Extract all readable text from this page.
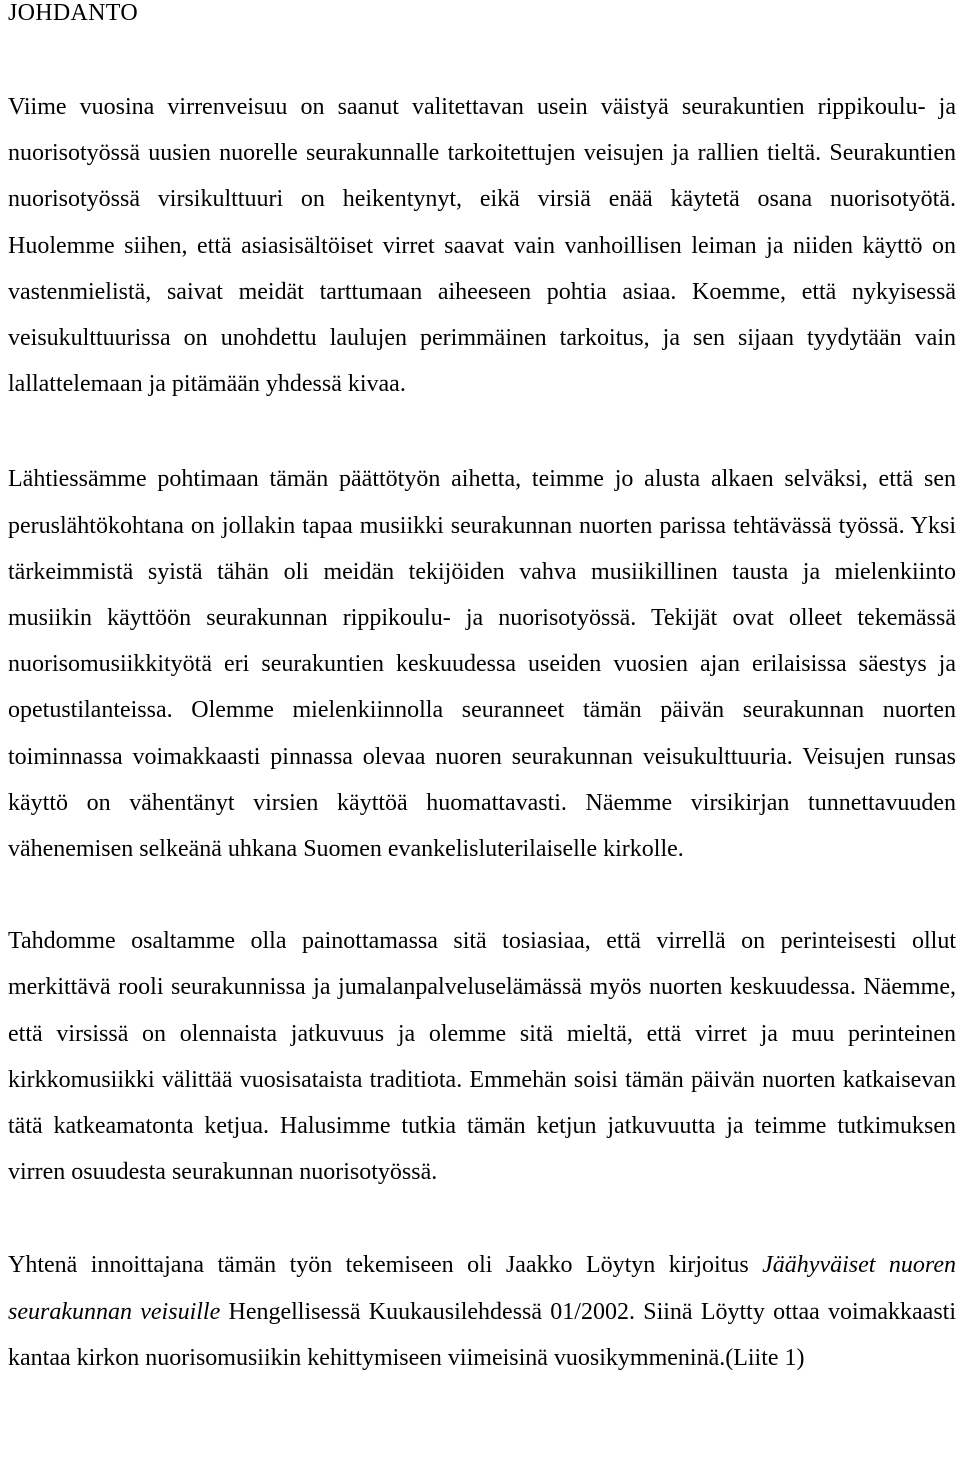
JOHDANTO

Viime vuosina virrenveisuu on saanut valitettavan usein väistyä seurakuntien rippikoulu- ja nuorisotyössä uusien nuorelle seurakunnalle tarkoitettujen veisujen ja rallien tieltä. Seurakuntien nuorisotyössä virsikulttuuri on heikentynyt, eikä virsiä enää käytetä osana nuorisotyötä. Huolemme siihen, että asiasisältöiset virret saavat vain vanhoillisen leiman ja niiden käyttö on vastenmielistä, saivat meidät tarttumaan aiheeseen pohtia asiaa. Koemme, että nykyisessä veisukulttuurissa on unohdettu laulujen perimmäinen tarkoitus, ja sen sijaan tyydytään vain lallattelemaan ja pitämään yhdessä kivaa.

Lähtiessämme pohtimaan tämän päättötyön aihetta, teimme jo alusta alkaen selväksi, että sen peruslähtökohtana on jollakin tapaa musiikki seurakunnan nuorten parissa tehtävässä työssä. Yksi tärkeimmistä syistä tähän oli meidän tekijöiden vahva musiikillinen tausta ja mielenkiinto musiikin käyttöön seurakunnan rippikoulu- ja nuorisotyössä. Tekijät ovat olleet tekemässä nuorisomusiikkityötä eri seurakuntien keskuudessa useiden vuosien ajan erilaisissa säestys ja opetustilanteissa. Olemme mielenkiinnolla seuranneet tämän päivän seurakunnan nuorten toiminnassa voimakkaasti pinnassa olevaa nuoren seurakunnan veisukulttuuria. Veisujen runsas käyttö on vähentänyt virsien käyttöä huomattavasti. Näemme virsikirjan tunnettavuuden vähenemisen selkeänä uhkana Suomen evankelisluterilaiselle kirkolle.

Tahdomme osaltamme olla painottamassa sitä tosiasiaa, että virrellä on perinteisesti ollut merkittävä rooli seurakunnissa ja jumalanpalveluselämässä myös nuorten keskuudessa. Näemme, että virsissä on olennaista jatkuvuus ja olemme sitä mieltä, että virret ja muu perinteinen kirkkomusiikki välittää vuosisataista traditiota. Emmehän soisi tämän päivän nuorten katkaisevan tätä katkeamatonta ketjua. Halusimme tutkia tämän ketjun jatkuvuutta ja teimme tutkimuksen virren osuudesta seurakunnan nuorisotyössä.

Yhtenä innoittajana tämän työn tekemiseen oli Jaakko Löytyn kirjoitus Jäähyväiset nuoren seurakunnan veisuille Hengellisessä Kuukausilehdessä 01/2002. Siinä Löytty ottaa voimakkaasti kantaa kirkon nuorisomusiikin kehittymiseen viimeisinä vuosikymmeninä.(Liite 1)
